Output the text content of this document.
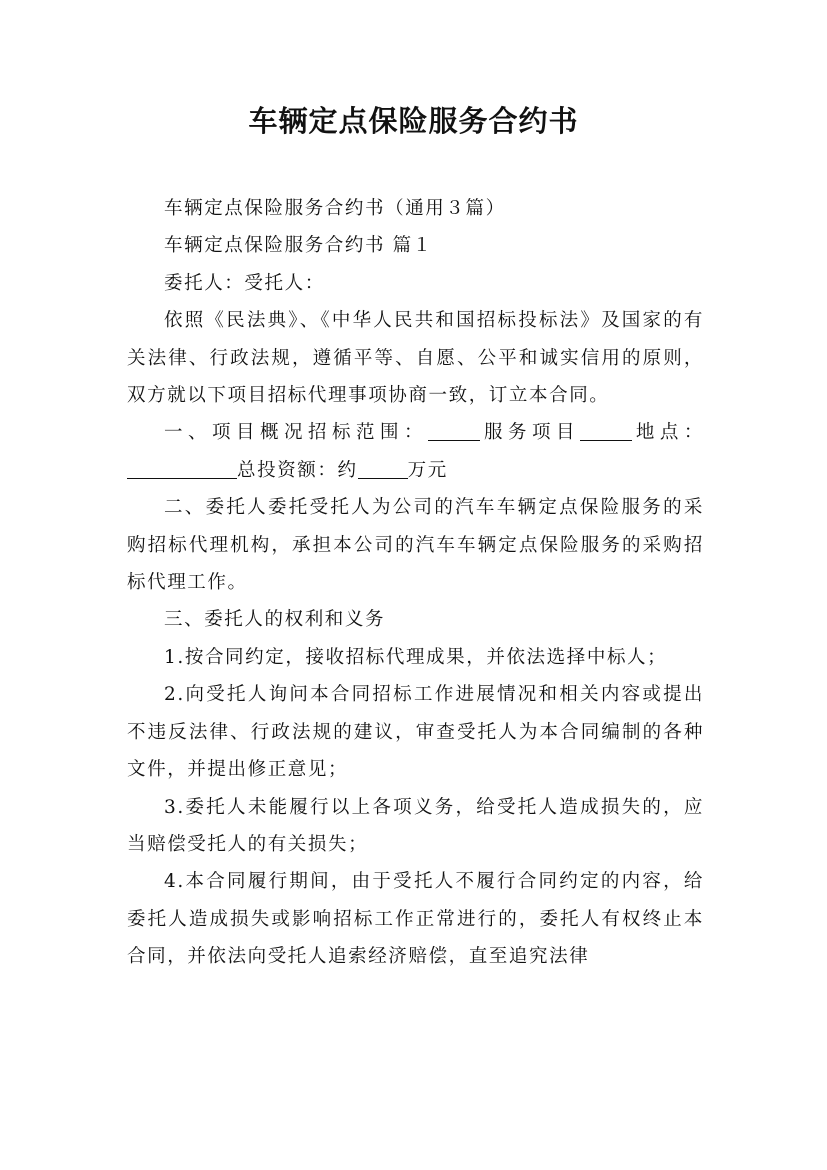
车辆定点保险服务合约书

车辆定点保险服务合约书（通用３篇）

车辆定点保险服务合约书 篇１

委托人：受托人：

依照《民法典》、《中华人民共和国招标投标法》及国家的有关法律、行政法规，遵循平等、自愿、公平和诚实信用的原则，双方就以下项目招标代理事项协商一致，订立本合同。

一、项目概况招标范围：	服务项目	地点：总投资额：约	万元

二、委托人委托受托人为公司的汽车车辆定点保险服务的采购招标代理机构，承担本公司的汽车车辆定点保险服务的采购招标代理工作。

三、委托人的权利和义务

1.按合同约定，接收招标代理成果，并依法选择中标人；

2.向受托人询问本合同招标工作进展情况和相关内容或提出不违反法律、行政法规的建议，审查受托人为本合同编制的各种文件，并提出修正意见；

3.委托人未能履行以上各项义务，给受托人造成损失的，应当赔偿受托人的有关损失；

4.本合同履行期间，由于受托人不履行合同约定的内容，给委托人造成损失或影响招标工作正常进行的，委托人有权终止本合同，并依法向受托人追索经济赔偿，直至追究法律
